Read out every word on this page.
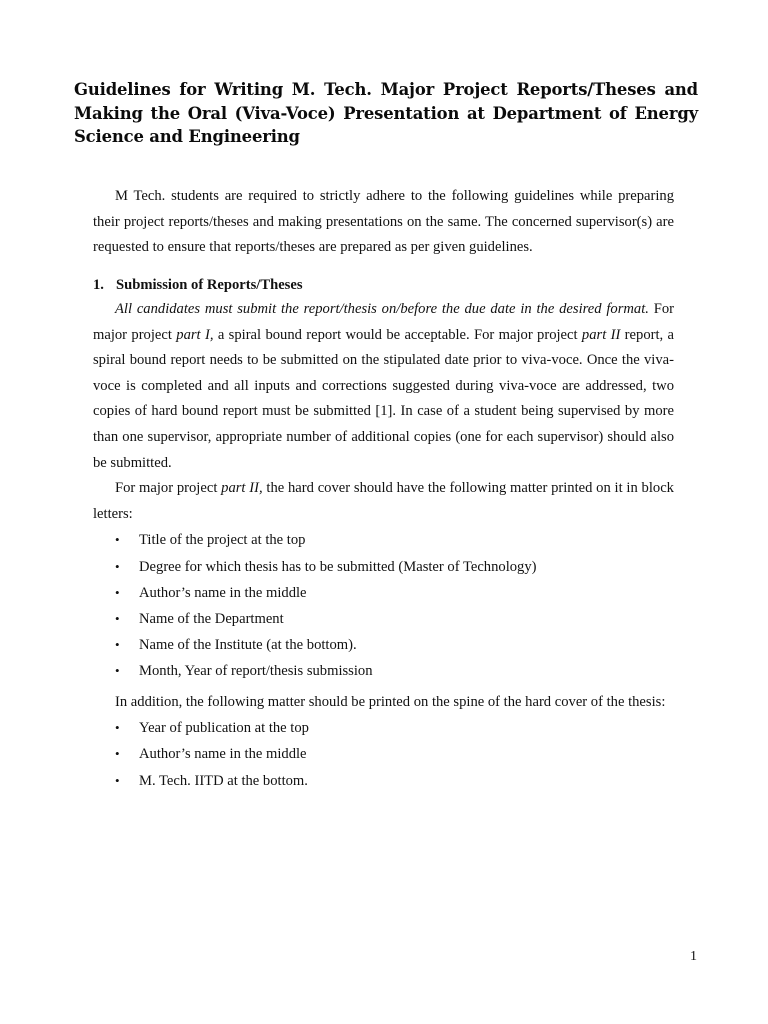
Guidelines for Writing M. Tech. Major Project Reports/Theses and Making the Oral (Viva-Voce) Presentation at Department of Energy Science and Engineering

M Tech. students are required to strictly adhere to the following guidelines while preparing their project reports/theses and making presentations on the same. The concerned supervisor(s) are requested to ensure that reports/theses are prepared as per given guidelines.

1. Submission of Reports/Theses

All candidates must submit the report/thesis on/before the due date in the desired format. For major project part I, a spiral bound report would be acceptable. For major project part II report, a spiral bound report needs to be submitted on the stipulated date prior to viva-voce. Once the viva-voce is completed and all inputs and corrections suggested during viva-voce are addressed, two copies of hard bound report must be submitted [1]. In case of a student being supervised by more than one supervisor, appropriate number of additional copies (one for each supervisor) should also be submitted.

For major project part II, the hard cover should have the following matter printed on it in block letters:

• Title of the project at the top
• Degree for which thesis has to be submitted (Master of Technology)
• Author’s name in the middle
• Name of the Department
• Name of the Institute (at the bottom).
• Month, Year of report/thesis submission

In addition, the following matter should be printed on the spine of the hard cover of the thesis:

• Year of publication at the top
• Author’s name in the middle
• M. Tech. IITD at the bottom.
1
